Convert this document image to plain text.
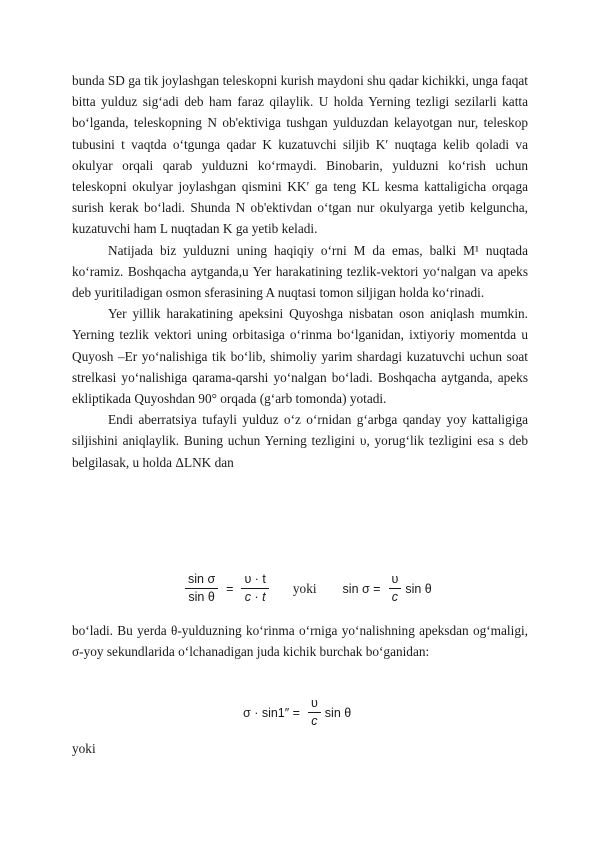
bunda SD ga tik joylashgan teleskopni kurish maydoni shu qadar kichikki, unga faqat bitta yulduz sig‘adi deb ham faraz qilaylik. U holda Yerning tezligi sezilarli katta bo‘lganda, teleskopning N ob'ektiviga tushgan yulduzdan kelayotgan nur, teleskop tubusini t vaqtda o‘tgunga qadar K kuzatuvchi siljib K′ nuqtaga kelib qoladi va okulyar orqali qarab yulduzni ko‘rmaydi. Binobarin, yulduzni ko‘rish uchun teleskopni okulyar joylashgan qismini KK′ ga teng KL kesma kattaligicha orqaga surish kerak bo‘ladi. Shunda N ob'ektivdan o‘tgan nur okulyarga yetib kelguncha, kuzatuvchi ham L nuqtadan K ga yetib keladi.

Natijada biz yulduzni uning haqiqiy o‘rni M da emas, balki M¹ nuqtada ko‘ramiz. Boshqacha aytganda,u Yer harakatining tezlik-vektori yo‘nalgan va apeks deb yuritiladigan osmon sferasining A nuqtasi tomon siljigan holda ko‘rinadi.

Yer yillik harakatining apeksini Quyoshga nisbatan oson aniqlash mumkin. Yerning tezlik vektori uning orbitasiga o‘rinma bo‘lganidan, ixtiyoriy momentda u Quyosh –Er yo‘nalishiga tik bo‘lib, shimoliy yarim shardagi kuzatuvchi uchun soat strelkasi yo‘nalishiga qarama-qarshi yo‘nalgan bo‘ladi. Boshqacha aytganda, apeks ekliptikada Quyoshdan 90° orqada (g‘arb tomonda) yotadi.

Endi aberratsiya tufayli yulduz o‘z o‘rnidan g‘arbga qanday yoy kattaligiga siljishini aniqlaylik. Buning uchun Yerning tezligini υ, yorug‘lik tezligini esa s deb belgilasak, u holda ΔLNK dan

$\frac{\text{sin σ}}{\text{sin θ}} = \frac{\upsilon \cdot t}{c \cdot t}$ yoki $\sin \sigma = \frac{\upsilon}{c}$ sin θ

bo‘ladi. Bu yerda θ-yulduzning ko‘rinma o‘rniga yo‘nalishning apeksdan og‘maligi, σ-yoy sekundlarida o‘lchanadigan juda kichik burchak bo‘ganidan:

$\sigma \cdot \sin 1'' = \frac{\upsilon}{c}$ sin θ

yoki
